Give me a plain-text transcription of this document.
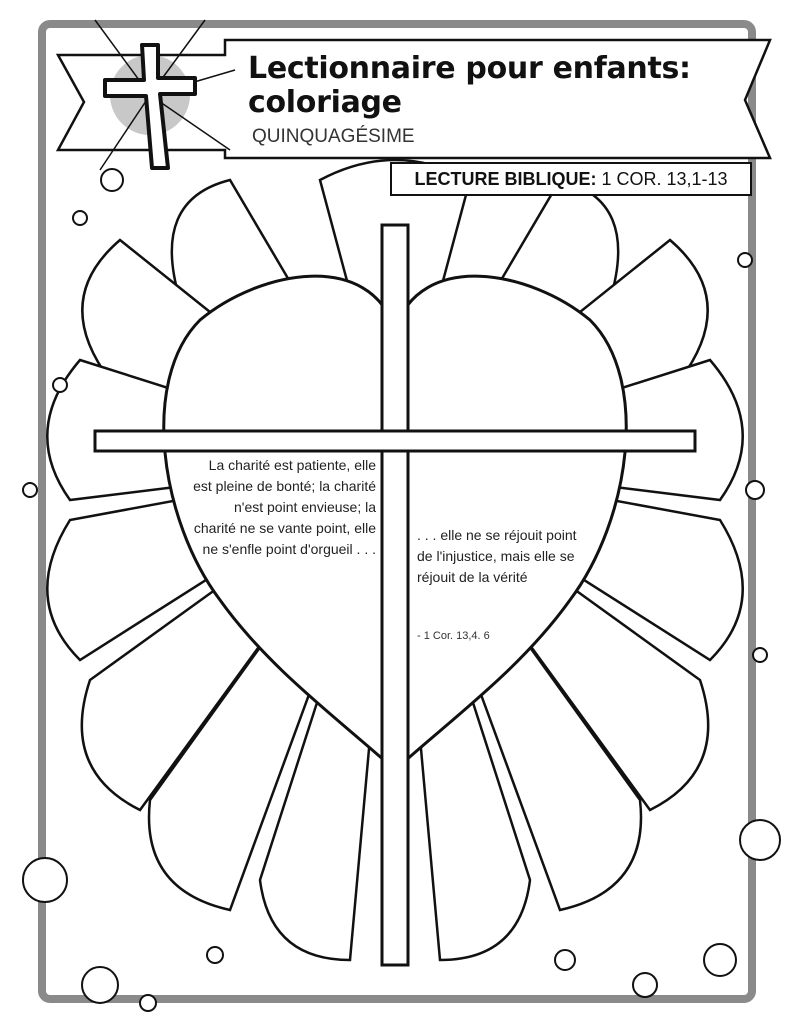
Lectionnaire pour enfants: coloriage
QUINQUAGÉSIME
LECTURE BIBLIQUE: 1 COR. 13,1-13
La charité est patiente, elle est pleine de bonté; la charité n'est point envieuse; la charité ne se vante point, elle ne s'enfle point d'orgueil . . .
. . . elle ne se réjouit point de l'injustice, mais elle se réjouit de la vérité
- 1 Cor. 13,4. 6
